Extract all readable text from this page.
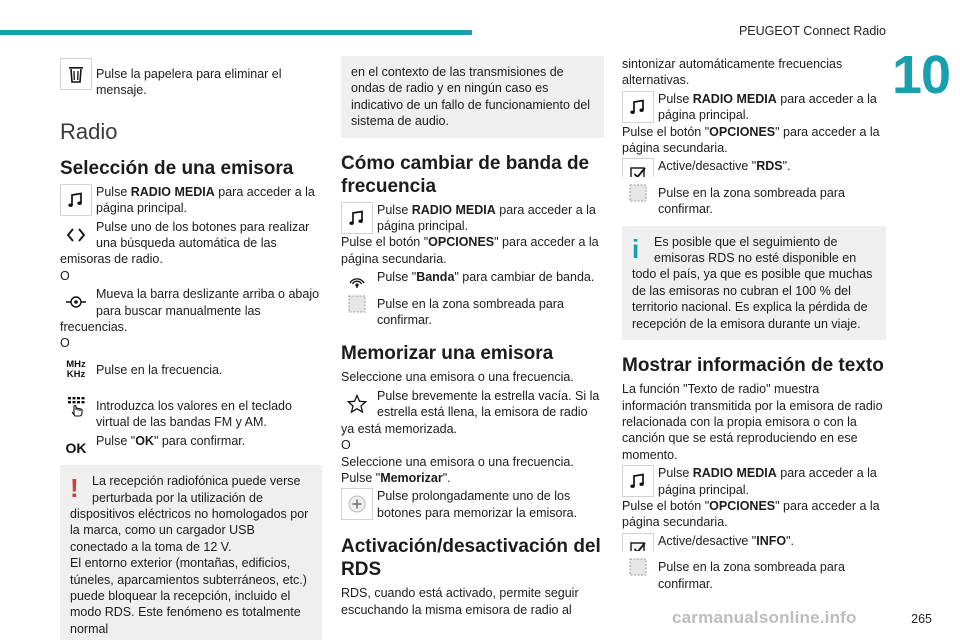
PEUGEOT Connect Radio
10
Pulse la papelera para eliminar el mensaje.
Radio
Selección de una emisora
Pulse RADIO MEDIA para acceder a la página principal.
Pulse uno de los botones para realizar una búsqueda automática de las emisoras de radio.
O
Mueva la barra deslizante arriba o abajo para buscar manualmente las frecuencias.
O
MHz
KHz Pulse en la frecuencia.
Introduzca los valores en el teclado virtual de las bandas FM y AM.
OK Pulse "OK" para confirmar.
!	La recepción radiofónica puede verse perturbada por la utilización de dispositivos eléctricos no homologados por la marca, como un cargador USB conectado a la toma de 12 V.
El entorno exterior (montañas, edificios, túneles, aparcamientos subterráneos, etc.) puede bloquear la recepción, incluido el modo RDS. Este fenómeno es totalmente normal
en el contexto de las transmisiones de ondas de radio y en ningún caso es indicativo de un fallo de funcionamiento del sistema de audio.
Cómo cambiar de banda de frecuencia
Pulse RADIO MEDIA para acceder a la página principal.
Pulse el botón "OPCIONES" para acceder a la página secundaria.
Pulse "Banda" para cambiar de banda.
Pulse en la zona sombreada para confirmar.
Memorizar una emisora
Seleccione una emisora o una frecuencia.
Pulse brevemente la estrella vacía. Si la estrella está llena, la emisora de radio ya está memorizada.
O
Seleccione una emisora o una frecuencia.
Pulse "Memorizar".
Pulse prolongadamente uno de los botones para memorizar la emisora.
Activación/desactivación del RDS
RDS, cuando está activado, permite seguir escuchando la misma emisora de radio al
sintonizar automáticamente frecuencias alternativas.
Pulse RADIO MEDIA para acceder a la página principal.
Pulse el botón "OPCIONES" para acceder a la página secundaria.
Active/desactive "RDS".
Pulse en la zona sombreada para confirmar.
i	Es posible que el seguimiento de emisoras RDS no esté disponible en todo el país, ya que es posible que muchas de las emisoras no cubran el 100 % del territorio nacional. Es explica la pérdida de recepción de la emisora durante un viaje.
Mostrar información de texto
La función "Texto de radio" muestra información transmitida por la emisora de radio relacionada con la propia emisora o con la canción que se está reproduciendo en ese momento.
Pulse RADIO MEDIA para acceder a la página principal.
Pulse el botón "OPCIONES" para acceder a la página secundaria.
Active/desactive "INFO".
Pulse en la zona sombreada para confirmar.
carmanualsonline.info	265
